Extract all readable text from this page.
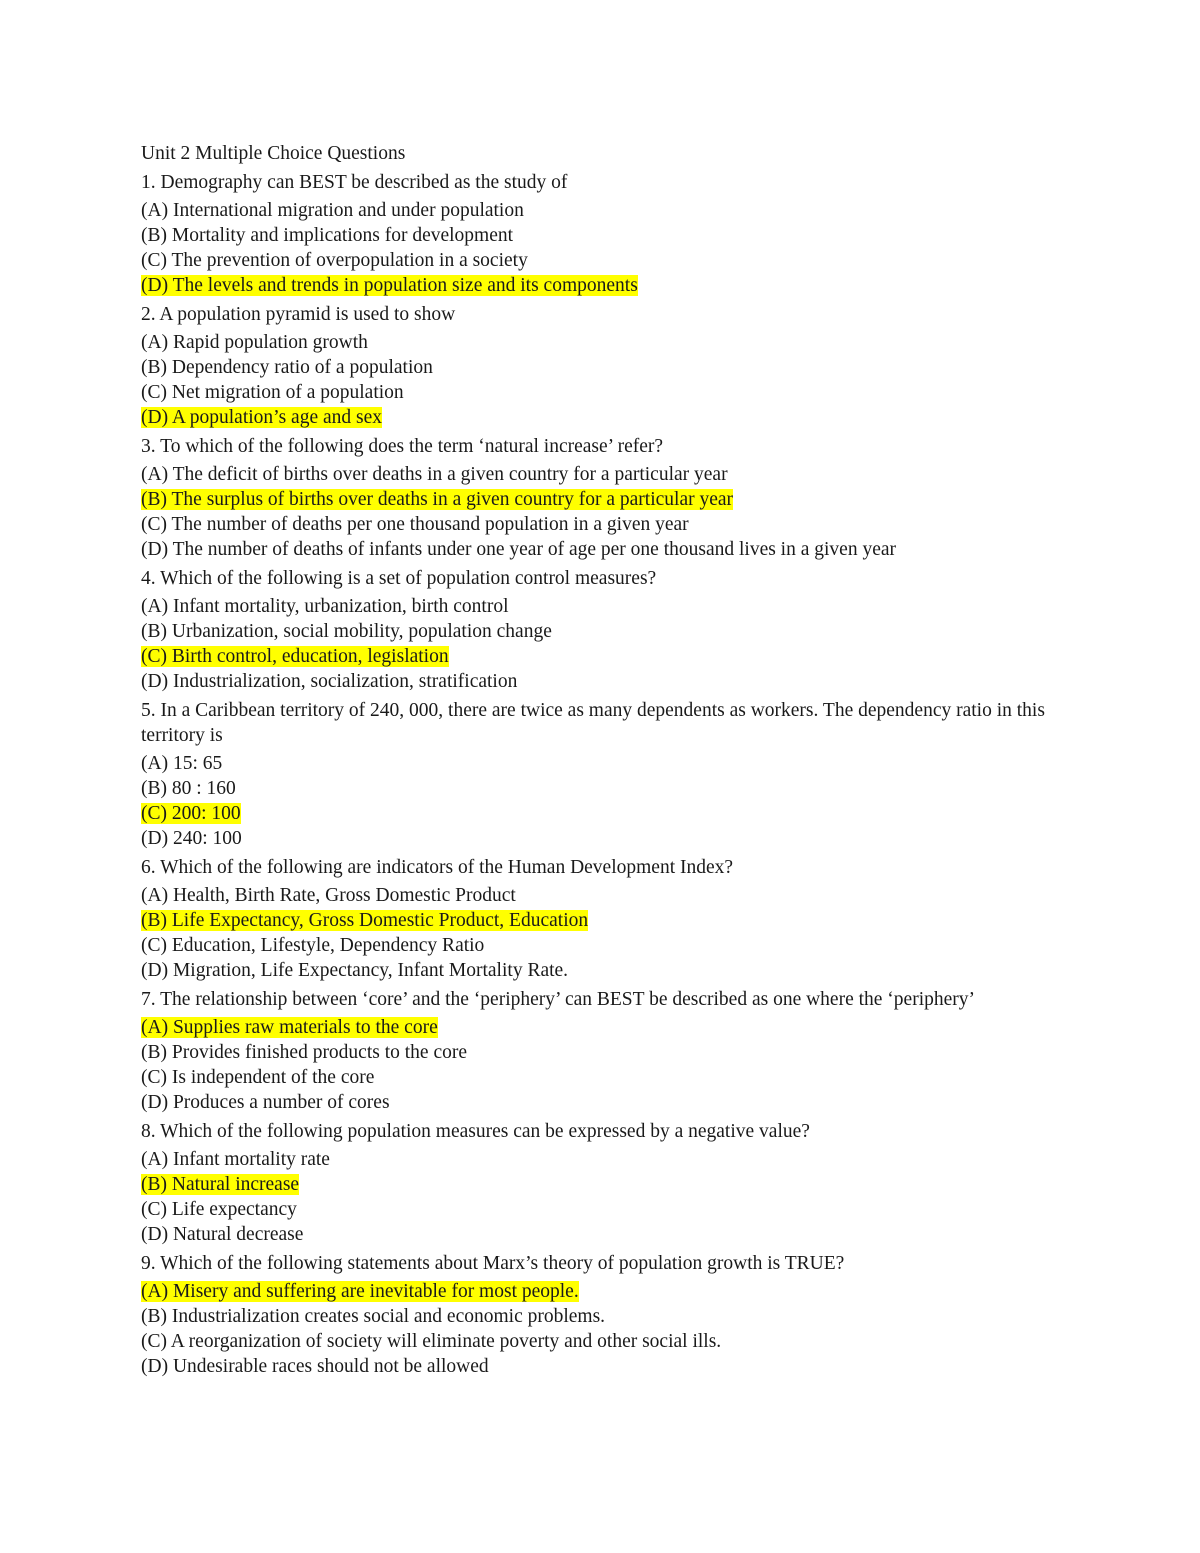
Unit 2 Multiple Choice Questions
1. Demography can BEST be described as the study of
(A) International migration and under population
(B) Mortality and implications for development
(C) The prevention of overpopulation in a society
(D) The levels and trends in population size and its components
2. A population pyramid is used to show
(A) Rapid population growth
(B) Dependency ratio of a population
(C) Net migration of a population
(D) A population’s age and sex
3. To which of the following does the term ‘natural increase’ refer?
(A) The deficit of births over deaths in a given country for a particular year
(B) The surplus of births over deaths in a given country for a particular year
(C) The number of deaths per one thousand population in a given year
(D) The number of deaths of infants under one year of age per one thousand lives in a given year
4. Which of the following is a set of population control measures?
(A) Infant mortality, urbanization, birth control
(B) Urbanization, social mobility, population change
(C) Birth control, education, legislation
(D) Industrialization, socialization, stratification
5. In a Caribbean territory of 240, 000, there are twice as many dependents as workers. The dependency ratio in this territory is
(A) 15: 65
(B) 80 : 160
(C) 200: 100
(D) 240: 100
6. Which of the following are indicators of the Human Development Index?
(A) Health, Birth Rate, Gross Domestic Product
(B) Life Expectancy, Gross Domestic Product, Education
(C) Education, Lifestyle, Dependency Ratio
(D) Migration, Life Expectancy, Infant Mortality Rate.
7. The relationship between ‘core’ and the ‘periphery’ can BEST be described as one where the ‘periphery’
(A) Supplies raw materials to the core
(B) Provides finished products to the core
(C) Is independent of the core
(D) Produces a number of cores
8. Which of the following population measures can be expressed by a negative value?
(A) Infant mortality rate
(B) Natural increase
(C) Life expectancy
(D) Natural decrease
9. Which of the following statements about Marx’s theory of population growth is TRUE?
(A) Misery and suffering are inevitable for most people.
(B) Industrialization creates social and economic problems.
(C) A reorganization of society will eliminate poverty and other social ills.
(D) Undesirable races should not be allowed
